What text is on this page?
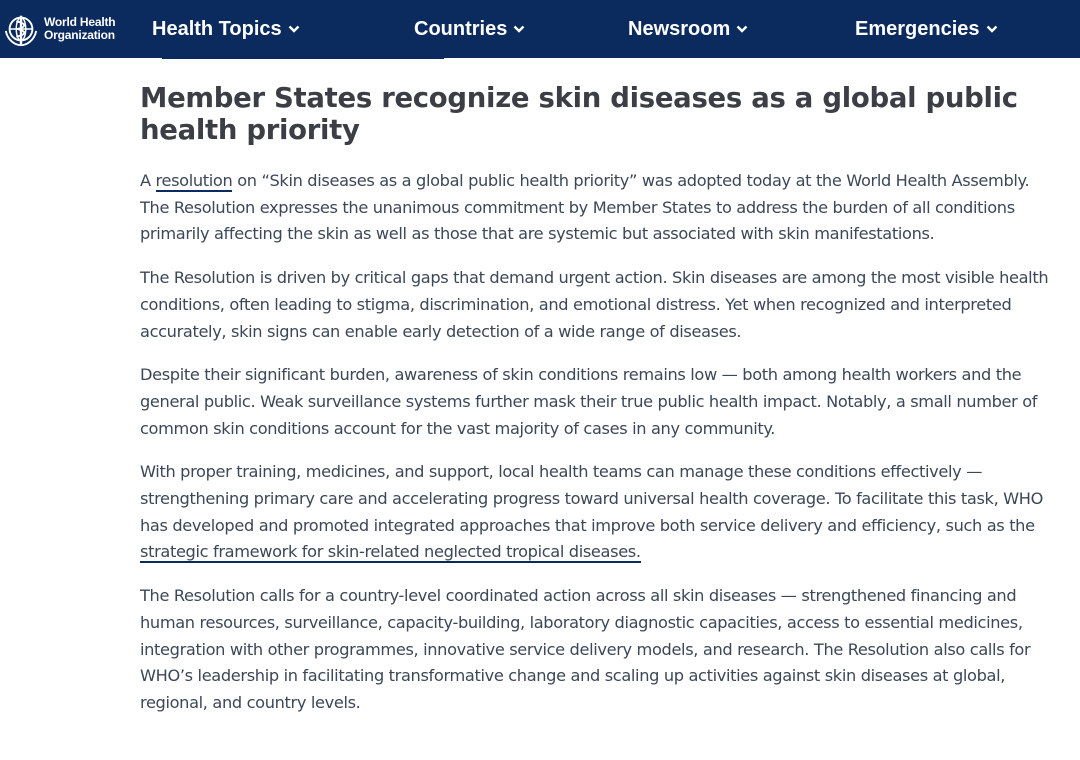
World Health
Organization	Health Topics	Countries	Newsroom	Emergencies
Member States recognize skin diseases as a global public health priority

A resolution on “Skin diseases as a global public health priority” was adopted today at the World Health Assembly. The Resolution expresses the unanimous commitment by Member States to address the burden of all conditions primarily affecting the skin as well as those that are systemic but associated with skin manifestations.

The Resolution is driven by critical gaps that demand urgent action. Skin diseases are among the most visible health conditions, often leading to stigma, discrimination, and emotional distress. Yet when recognized and interpreted accurately, skin signs can enable early detection of a wide range of diseases.

Despite their significant burden, awareness of skin conditions remains low — both among health workers and the general public. Weak surveillance systems further mask their true public health impact. Notably, a small number of common skin conditions account for the vast majority of cases in any community.

With proper training, medicines, and support, local health teams can manage these conditions effectively — strengthening primary care and accelerating progress toward universal health coverage. To facilitate this task, WHO has developed and promoted integrated approaches that improve both service delivery and efficiency, such as the strategic framework for skin-related neglected tropical diseases.

The Resolution calls for a country-level coordinated action across all skin diseases — strengthened financing and human resources, surveillance, capacity-building, laboratory diagnostic capacities, access to essential medicines, integration with other programmes, innovative service delivery models, and research. The Resolution also calls for WHO’s leadership in facilitating transformative change and scaling up activities against skin diseases at global, regional, and country levels.
